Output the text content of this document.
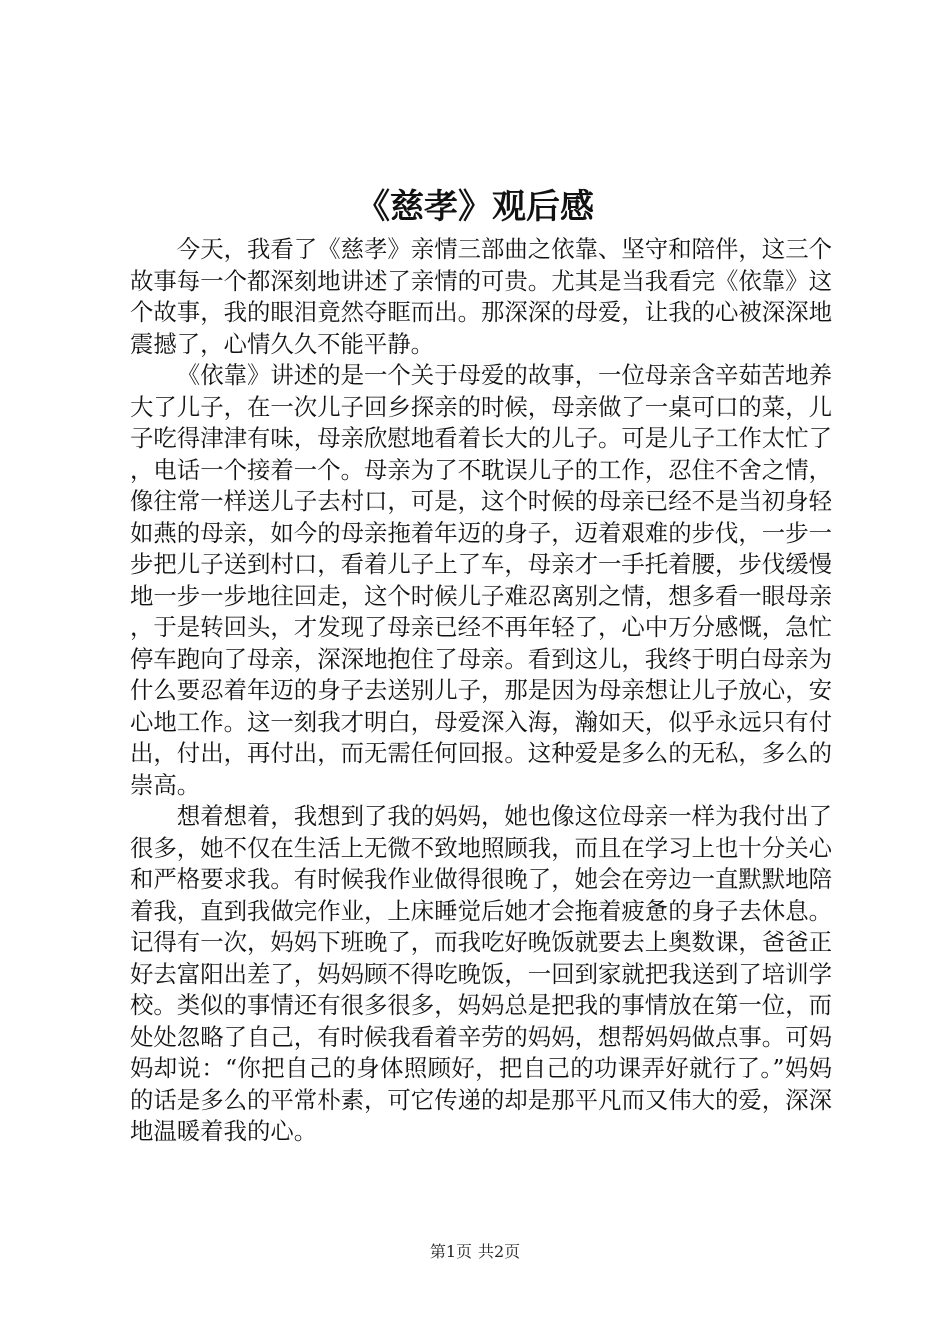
《慈孝》观后感

今天，我看了《慈孝》亲情三部曲之依靠、坚守和陪伴，这三个故事每一个都深刻地讲述了亲情的可贵。尤其是当我看完《依靠》这个故事，我的眼泪竟然夺眶而出。那深深的母爱，让我的心被深深地震撼了，心情久久不能平静。

《依靠》讲述的是一个关于母爱的故事，一位母亲含辛茹苦地养大了儿子，在一次儿子回乡探亲的时候，母亲做了一桌可口的菜，儿子吃得津津有味，母亲欣慰地看着长大的儿子。可是儿子工作太忙了，电话一个接着一个。母亲为了不耽误儿子的工作，忍住不舍之情，像往常一样送儿子去村口，可是，这个时候的母亲已经不是当初身轻如燕的母亲，如今的母亲拖着年迈的身子，迈着艰难的步伐，一步一步把儿子送到村口，看着儿子上了车，母亲才一手托着腰，步伐缓慢地一步一步地往回走，这个时候儿子难忍离别之情，想多看一眼母亲，于是转回头，才发现了母亲已经不再年轻了，心中万分感慨，急忙停车跑向了母亲，深深地抱住了母亲。看到这儿，我终于明白母亲为什么要忍着年迈的身子去送别儿子，那是因为母亲想让儿子放心，安心地工作。这一刻我才明白，母爱深入海，瀚如天，似乎永远只有付出，付出，再付出，而无需任何回报。这种爱是多么的无私，多么的崇高。

想着想着，我想到了我的妈妈，她也像这位母亲一样为我付出了很多，她不仅在生活上无微不致地照顾我，而且在学习上也十分关心和严格要求我。有时候我作业做得很晚了，她会在旁边一直默默地陪着我，直到我做完作业，上床睡觉后她才会拖着疲惫的身子去休息。记得有一次，妈妈下班晚了，而我吃好晚饭就要去上奥数课，爸爸正好去富阳出差了，妈妈顾不得吃晚饭，一回到家就把我送到了培训学校。类似的事情还有很多很多，妈妈总是把我的事情放在第一位，而处处忽略了自己，有时候我看着辛劳的妈妈，想帮妈妈做点事。可妈妈却说：“你把自己的身体照顾好，把自己的功课弄好就行了。”妈妈的话是多么的平常朴素，可它传递的却是那平凡而又伟大的爱，深深地温暖着我的心。

第1页 共2页
